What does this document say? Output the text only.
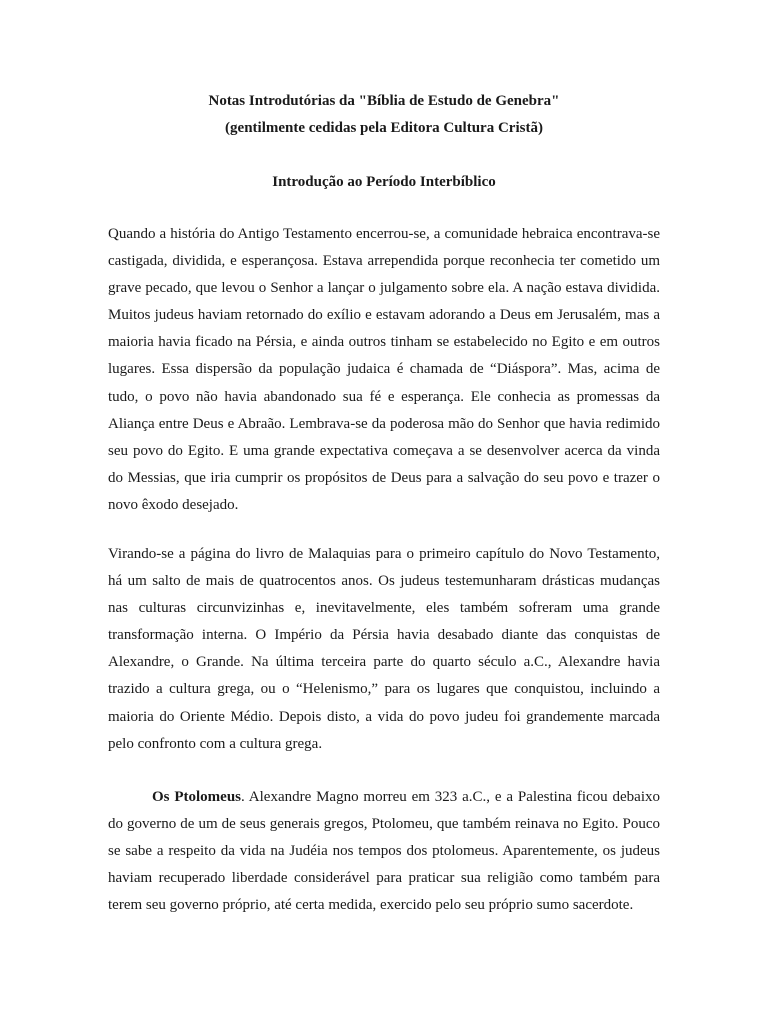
Notas Introdutórias da "Bíblia de Estudo de Genebra"
(gentilmente cedidas pela Editora Cultura Cristã)
Introdução ao Período Interbíblico

Quando a história do Antigo Testamento encerrou-se, a comunidade hebraica encontrava-se castigada, dividida, e esperançosa. Estava arrependida porque reconhecia ter cometido um grave pecado, que levou o Senhor a lançar o julgamento sobre ela. A nação estava dividida. Muitos judeus haviam retornado do exílio e estavam adorando a Deus em Jerusalém, mas a maioria havia ficado na Pérsia, e ainda outros tinham se estabelecido no Egito e em outros lugares. Essa dispersão da população judaica é chamada de “Diáspora”. Mas, acima de tudo, o povo não havia abandonado sua fé e esperança. Ele conhecia as promessas da Aliança entre Deus e Abraão. Lembrava-se da poderosa mão do Senhor que havia redimido seu povo do Egito. E uma grande expectativa começava a se desenvolver acerca da vinda do Messias, que iria cumprir os propósitos de Deus para a salvação do seu povo e trazer o novo êxodo desejado.

Virando-se a página do livro de Malaquias para o primeiro capítulo do Novo Testamento, há um salto de mais de quatrocentos anos. Os judeus testemunharam drásticas mudanças nas culturas circunvizinhas e, inevitavelmente, eles também sofreram uma grande transformação interna. O Império da Pérsia havia desabado diante das conquistas de Alexandre, o Grande. Na última terceira parte do quarto século a.C., Alexandre havia trazido a cultura grega, ou o “Helenismo,” para os lugares que conquistou, incluindo a maioria do Oriente Médio. Depois disto, a vida do povo judeu foi grandemente marcada pelo confronto com a cultura grega.

Os Ptolomeus. Alexandre Magno morreu em 323 a.C., e a Palestina ficou debaixo do governo de um de seus generais gregos, Ptolomeu, que também reinava no Egito. Pouco se sabe a respeito da vida na Judéia nos tempos dos ptolomeus. Aparentemente, os judeus haviam recuperado liberdade considerável para praticar sua religião como também para terem seu governo próprio, até certa medida, exercido pelo seu próprio sumo sacerdote.
